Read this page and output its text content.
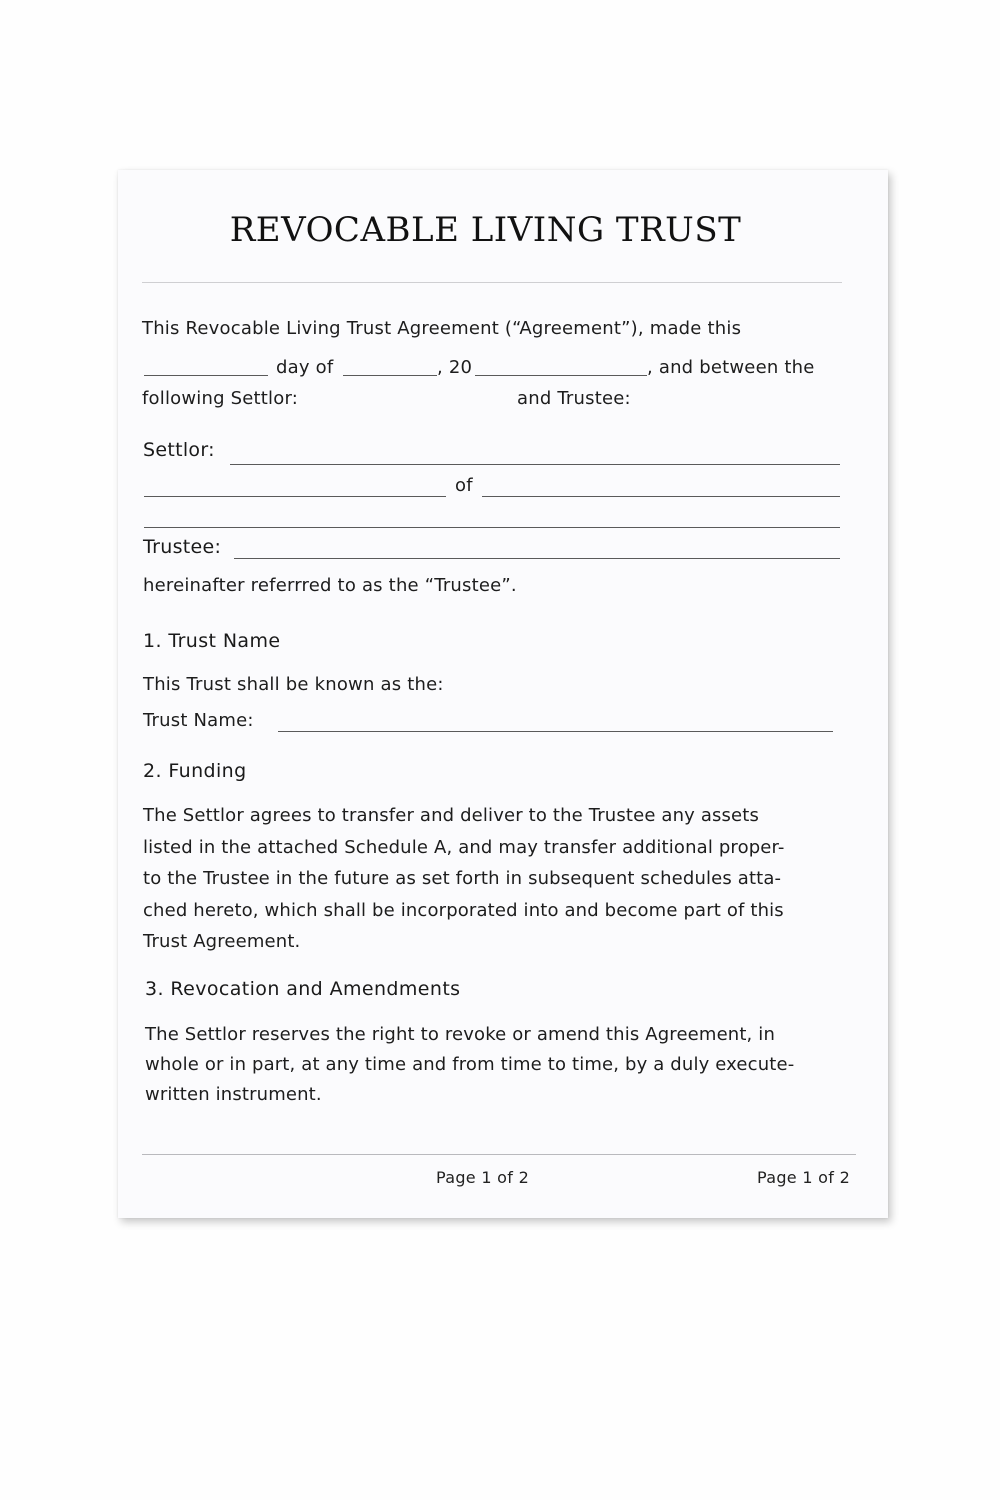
REVOCABLE LIVING TRUST
This Revocable Living Trust Agreement (“Agreement”), made this
day of	, 20	, and between the
following Settlor:	and Trustee:
Settlor:
of
Trustee:
hereinafter referrred to as the “Trustee”.
1. Trust Name
This Trust shall be known as the:
Trust Name:
2. Funding
The Settlor agrees to transfer and deliver to the Trustee any assets
listed in the attached Schedule A, and may transfer additional proper-
to the Trustee in the future as set forth in subsequent schedules atta-
ched hereto, which shall be incorporated into and become part of this
Trust Agreement.
3. Revocation and Amendments
The Settlor reserves the right to revoke or amend this Agreement, in
whole or in part, at any time and from time to time, by a duly execute-
written instrument.
Page 1 of 2	Page 1 of 2
